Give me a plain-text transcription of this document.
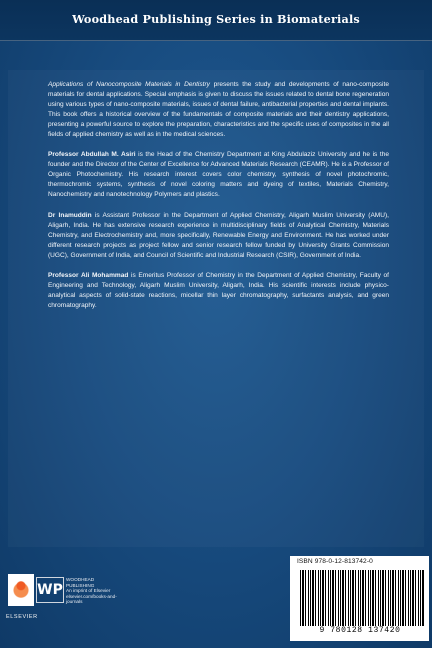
Woodhead Publishing Series in Biomaterials

Applications of Nanocomposite Materials in Dentistry presents the study and developments of nano-composite materials for dental applications. Special emphasis is given to discuss the issues related to dental bone regeneration using various types of nano-composite materials, issues of dental failure, antibacterial properties and dental implants. This book offers a historical overview of the fundamentals of composite materials and their dentistry applications, presenting a powerful source to explore the preparation, characteristics and the specific uses of composites in the all fields of applied chemistry as well as in the medical sciences.

Professor Abdullah M. Asiri is the Head of the Chemistry Department at King Abdulaziz University and he is the founder and the Director of the Center of Excellence for Advanced Materials Research (CEAMR). He is a Professor of Organic Photochemistry. His research interest covers color chemistry, synthesis of novel photochromic, thermochromic systems, synthesis of novel coloring matters and dyeing of textiles, Materials Chemistry, Nanochemistry and nanotechnology Polymers and plastics.

Dr Inamuddin is Assistant Professor in the Department of Applied Chemistry, Aligarh Muslim University (AMU), Aligarh, India. He has extensive research experience in multidisciplinary fields of Analytical Chemistry, Materials Chemistry, and Electrochemistry and, more specifically, Renewable Energy and Environment. He has worked under different research projects as project fellow and senior research fellow funded by University Grants Commission (UGC), Government of India, and Council of Scientific and Industrial Research (CSIR), Government of India.

Professor Ali Mohammad is Emeritus Professor of Chemistry in the Department of Applied Chemistry, Faculty of Engineering and Technology, Aligarh Muslim University, Aligarh, India. His scientific interests include physico-analytical aspects of solid-state reactions, micellar thin layer chromatography, surfactants analysis, and green chromatography.

ELSEVIER
WP
WOODHEAD
PUBLISHING
An imprint of Elsevier
elsevier.com/books-and-journals
ISBN 978-0-12-813742-0
9 780128 137420
